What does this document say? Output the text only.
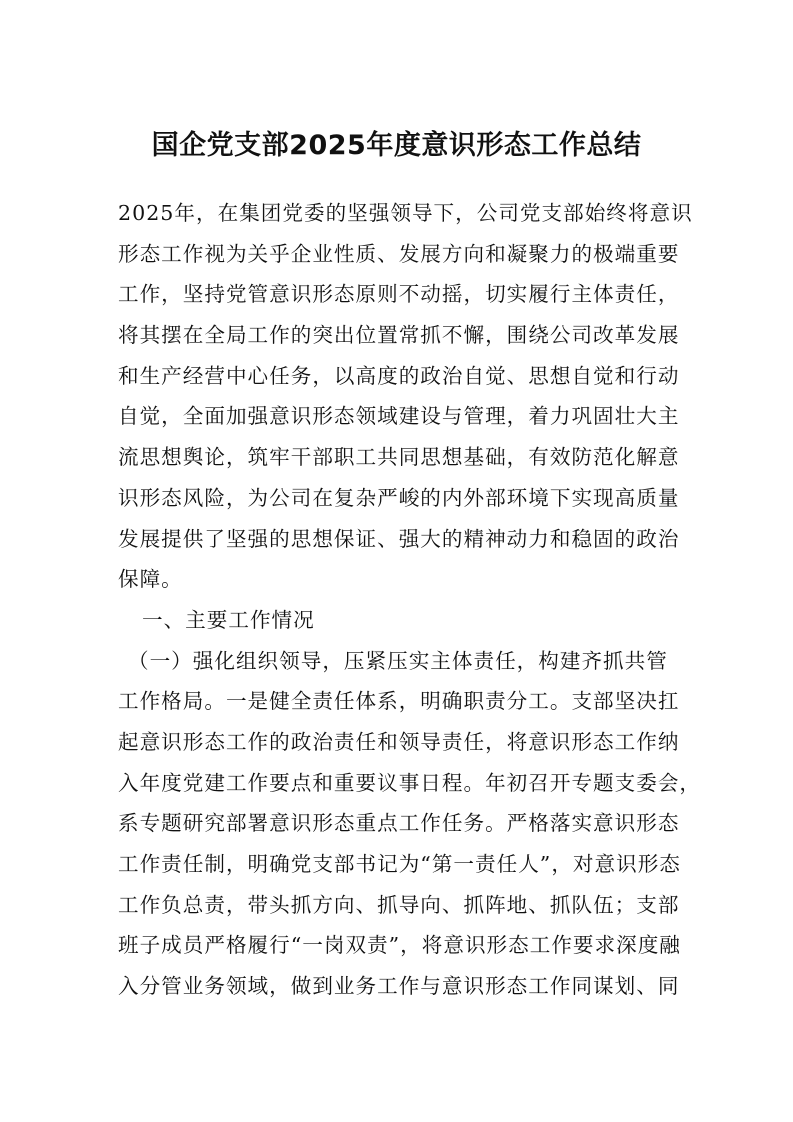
国企党支部2025年度意识形态工作总结
2025年，在集团党委的坚强领导下，公司党支部始终将意识
形态工作视为关乎企业性质、发展方向和凝聚力的极端重要
工作，坚持党管意识形态原则不动摇，切实履行主体责任，
将其摆在全局工作的突出位置常抓不懈，围绕公司改革发展
和生产经营中心任务，以高度的政治自觉、思想自觉和行动
自觉，全面加强意识形态领域建设与管理，着力巩固壮大主
流思想舆论，筑牢干部职工共同思想基础，有效防范化解意
识形态风险，为公司在复杂严峻的内外部环境下实现高质量
发展提供了坚强的思想保证、强大的精神动力和稳固的政治
保障。
一、主要工作情况
（一）强化组织领导，压紧压实主体责任，构建齐抓共管
工作格局。一是健全责任体系，明确职责分工。支部坚决扛
起意识形态工作的政治责任和领导责任，将意识形态工作纳
入年度党建工作要点和重要议事日程。年初召开专题支委会，
系专题研究部署意识形态重点工作任务。严格落实意识形态
工作责任制，明确党支部书记为“第一责任人”，对意识形态
工作负总责，带头抓方向、抓导向、抓阵地、抓队伍；支部
班子成员严格履行“一岗双责”，将意识形态工作要求深度融
入分管业务领域，做到业务工作与意识形态工作同谋划、同
